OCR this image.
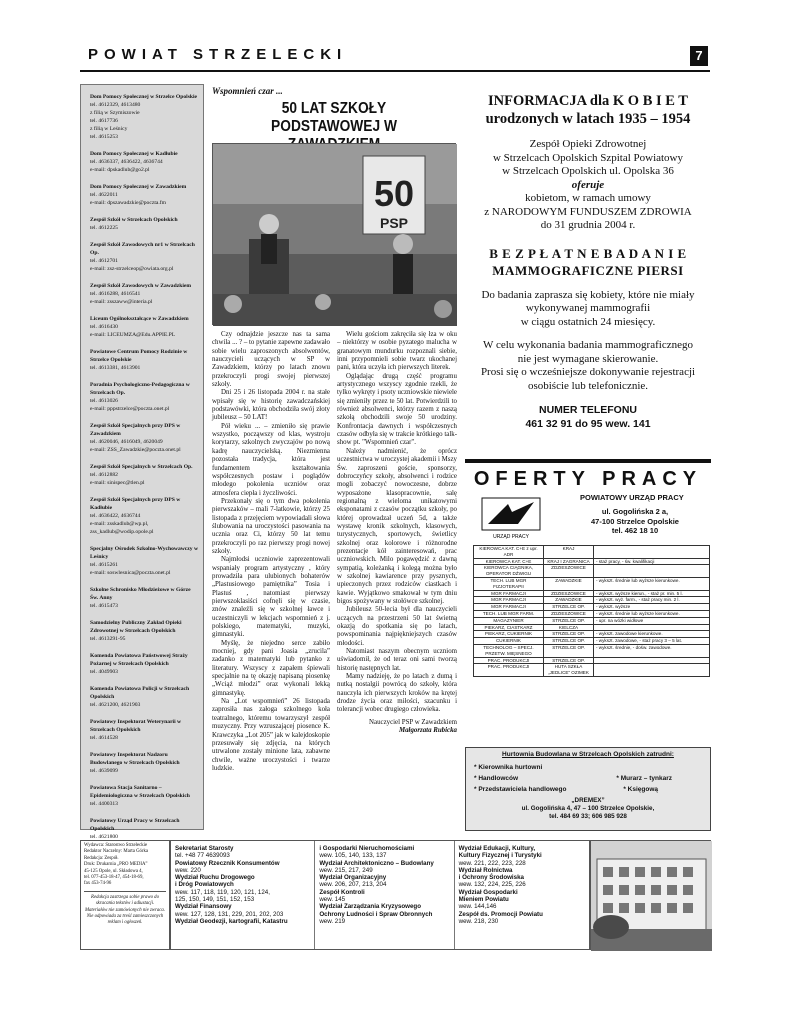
POWIAT STRZELECKI	7
Dom Pomocy Społecznej w Strzelce Opolskie
tel. 4612329, 4613480
z filią w Szymiszowie
tel. 4617736
z filią w Leśnicy
tel. 4615253
Dom Pomocy Społecznej w Kadłubie
tel. 4636337, 4636422, 4636744
e-mail: dpskadlub@go2.pl
Dom Pomocy Społecznej w Zawadzkiem
tel. 4622011
e-mail: dpszawadzkie@poczta.fm
Zespół Szkół w Strzelcach Opolskich
tel. 4612225
Zespół Szkół Zawodowych nr1 w Strzelcach Op.
tel. 4612701
e-mail: zsz-strzelceop@owiata.org.pl
Zespół Szkół Zawodowych w Zawadzkiem
tel. 4616288, 4616541
e-mail: zsszaww@interia.pl
Liceum Ogólnokształcące w Zawadzkiem
tel. 4616430
e-mail: LICEUMZA@Edu.APPIE.PL
Powiatowe Centrum Pomocy Rodzinie w Strzelce Opolskie
tel. 4613381, 4613901
Poradnia Psychologiczno-Pedagogiczna w Strzelcach Op.
tel. 4613026
e-mail: pppstrzelce@poczta.onet.pl
Zespół Szkół Specjalnych przy DPS w Zawadzkiem
tel. 4620046, 4616049, 4620049
e-mail: ZSS_Zawadzkie@poczta.onet.pl
Zespół Szkół Specjalnych w Strzelcach Op.
tel. 4612882
e-mail: sinispec@tlen.pl
Zespół Szkół Specjalnych przy DPS w Kadłubie
tel. 4636422, 4636744
e-mail: zsskadlub@wp.pl,
zss_kadlub@wodip.opole.pl
Specjalny Ośrodek Szkolno-Wychowawczy w Leśnicy
tel. 4615261
e-mail: soswlesnica@poczta.onet.pl
Szkolne Schronisko Młodzieżowe w Górze Św. Anny
tel. 4615473
Samodzielny Publiczny Zakład Opieki Zdrowotnej w Strzelcach Opolskich
tel. 4613291-95
Komenda Powiatowa Państwowej Straży Pożarnej w Strzelcach Opolskich
tel. 4049903
Komenda Powiatowa Policji w Strzelcach Opolskich
tel. 4621200, 4621903
Powiatowy Inspektorat Weterynarii w Strzelcach Opolskich
tel. 4614528
Powiatowy Inspektorat Nadzoru Budowlanego w Strzelcach Opolskich
tel. 4639099
Powiatowa Stacja Sanitarno – Epidemiologiczna w Strzelcach Opolskich
tel. 4400313
Powiatowy Urząd Pracy w Strzelcach Opolskich
tel. 4621800
Wspomnień czar ...
50 LAT SZKOŁY PODSTAWOWEJ W
50
PSP

Czy odnajdzie jeszcze nas ta sama chwila ... ? – to pytanie zapewne zadawało sobie wielu zaproszonych absolwentów, nauczycieli uczących w SP w Zawadzkiem, którzy po latach znowu przekroczyli progi swojej pierwszej szkoły.

Dni 25 i 26 listopada 2004 r. na stałe wpisały się w historię zawadczańskiej podstawówki, która obchodziła swój złoty jubileusz – 50 LAT!

Pół wieku ... – zmieniło się prawie wszystko, począwszy od klas, wystroju korytarzy, szkolnych zwyczajów po nową kadrę nauczycielską. Niezmienna pozostała tradycja, która jest fundamentem kształtowania współczesnych postaw i poglądów młodego pokolenia uczniów oraz atmosfera ciepła i życzliwości.

Przekonały się o tym dwa pokolenia pierwszaków – mali 7-latkowie, którzy 25 listopada z przejęciem wypowiadali słowa ślubowania na uroczystości pasowania na ucznia oraz Ci, którzy 50 lat temu przekroczyli po raz pierwszy progi nowej szkoły.

Najmłodsi uczniowie zaprezentowali wspaniały program artystyczny , który prowadziła para ulubionych bohaterów „Plastusiowego pamiętnika” Tosia i Plastuś , natomiast pierwszy pierwszoklasiści cofnęli się w czasie, znów znaleźli się w szkolnej ławce i uczestniczyli w lekcjach wspomnień z j. polskiego, matematyki, muzyki, gimnastyki.

Myślę, że niejedno serce zabiło mocniej, gdy pani Joasia „zrucila” zadanko z matematyki lub pytanko z literatury. Wszyscy z zapałem śpiewali specjalnie na tę okazję napisaną piosenkę „Wciąż młodzi” oraz wykonali lekką gimnastykę.

Na „Lot wspomnień” 26 listopada zaprosiła nas załoga szkolnego koła teatralnego, któremu towarzyszył zespół muzyczny. Przy wzruszającej piosence K. Krawczyka „Lot 205” jak w kalejdoskopie przesuwały się zdjęcia, na których utrwalone zostały minione lata, zabawne chwile, ważne uroczystości i twarze ludzkie.

Wielu gościom zakręciła się łza w oku – niektórzy w osobie pyzatego malucha w granatowym mundurku rozpoznali siebie, inni przypomnieli sobie twarz ukochanej pani, która uczyła ich pierwszych literek.

Oglądając drugą część programu artystycznego wszyscy zgodnie rzekli, że tylko wykręty i psoty uczniowskie niewiele się zmieniły przez te 50 lat. Potwierdzili to również absolwenci, którzy razem z naszą szkołą obchodzili swoje 50 urodziny. Konfrontacja dawnych i współczesnych czasów odbyła się w trakcie krótkiego talk-show pt. "Wspomnień czar".

Należy nadmienić, że oprócz uczestnictwa w uroczystej akademii i Mszy Św. zaproszeni goście, sponsorzy, dobroczyńcy szkoły, absolwenci i rodzice mogli zobaczyć nowoczesne, dobrze wyposażone klasopracownie, salę regionalną z wieloma unikatowymi eksponatami z czasów początku szkoły, po której oprowadzał uczeń 5d, a także wystawę kronik szkolnych, klasowych, turystycznych, sportowych, świetlicy szkolnej oraz kolorowe i różnorodne prezentacje kół zainteresowań, prac uczniowskich. Milo pogawędzić z dawną sympatią, koleżanką i kolegą można było w szkolnej kawiarence przy pysznych, upieczonych przez rodziców ciastkach i kawie. Wyjątkowo smakował w tym dniu bigos spożywany w stołówce szkolnej.

Jubileusz 50-lecia był dla nauczycieli uczących na przestrzeni 50 lat świetną okazją do spotkania się po latach, powspominania najpiękniejszych czasów młodości.

Natomiast naszym obecnym uczniom uświadomił, że od teraz oni sami tworzą historię następnych lat.

Mamy nadzieję, że po latach z dumą i nutką nostalgii powrócą do szkoły, która nauczyła ich pierwszych kroków na krętej drodze życia oraz miłości, szacunku i tolerancji wobec drugiego człowieka.

Nauczyciel PSP w Zawadzkiem
Małgorzata Rubicka
INFORMACJA dla K O B I E T
urodzonych w latach 1935 – 1954
Zespół Opieki Zdrowotnej
w Strzelcach Opolskich Szpital Powiatowy
w Strzelcach Opolskich ul. Opolska 36
oferuje
kobietom, w ramach umowy
z NARODOWYM FUNDUSZEM ZDROWIA
do 31 grudnia 2004 r.
B E Z P Ł A T N E B A D A N I E
MAMMOGRAFICZNE PIERSI
Do badania zaprasza się kobiety, które nie miały
wykonywanej mammografii
w ciągu ostatnich 24 miesięcy.
W celu wykonania badania mammograficznego
nie jest wymagane skierowanie.
Prosi się o wcześniejsze dokonywanie rejestracji
osobiście lub telefonicznie.
NUMER TELEFONU
461 32 91 do 95 wew. 141
OFERTY PRACY
POWIATOWY URZĄD PRACY
URZĄD PRACY
ul. Gogolińska 2 a,
47-100 Strzelce Opolskie
tel. 462 18 10
KIEROWCA KAT. C+E z upr. ADR	KRAJ	
KIEROWCA KAT. C+E	KRAJ I ZAGRANICA	- staż pracy, - św. kwalifikacji
KIEROWCA CIĄGNIKA, OPERATOR DŹWIGU	ZDZIESZOWICE	
TECH. LUB MGR FIZJOTERAPII	ZAWADZKIE	- wykszt. średnie lub wyższe kierunkowe.
MGR FARMACJI	ZDZIESZOWICE	- wykszt. wyższe kierun., - staż pr. min. 5 l.
MGR FARMACJI	ZAWADZKIE	- wykszt. wyż. farm., - staż pracy min. 2 l.
MGR FARMACJI	STRZELCE OP.	- wykszt. wyższe
TECH. LUB MGR FARM.	ZDZIESZOWICE	- wykszt. średnie lub wyższe kierunkowe.
MAGAZYNIER	STRZELCE OP.	- upr. na wózki widłowe
PIEKARZ, CIASTKARZ	KIELCZA	
PIEKARZ, CUKIERNIK	STRZELCE OP.	- wykszt. zawodowe kierunkowe.
CUKIERNIK	STRZELCE OP.	- wykszt. zawodowe, - staż pracy 3 – 5 lat.
TECHNOLOG – SPECJ. PRZETW. MIĘSNEGO	STRZELCE OP.	- wykszt. średnie, - dośw. zawodowe.
PRAC. PRODUKCJI	STRZELCE OP.	
PRAC. PRODUKCJI	HUTA SZKŁA „JEDLICE” OZIMEK	
Hurtownia Budowlana w Strzelcach Opolskich zatrudni:
* Kierownika hurtowni
* Handlowców	* Murarz – tynkarz
* Przedstawiciela handlowego	* Księgową
„DREMEX”
ul. Gogolińska 4, 47 – 100 Strzelce Opolskie,
tel. 484 69 33; 606 985 928
Wydawca: Starostwo Strzeleckie
Redaktor Naczelny: Marta Górka
Redakcja: Zespół.
Druk: Drukarnia „PRO MEDIA”
45-125 Opole, ul. Składowa 4,
tel. 077-453-18-47, 454-18-69,
fax 453-74-96
Redakcja zastrzega sobie prawo do skracania tekstów i adiustacji.
Materiałów nie zamówionych nie zwraca.
Nie odpowiada za treść zamieszczonych reklam i ogłoszeń.
Sekretariat Starosty
tel. +48 77 4639093
Powiatowy Rzecznik Konsumentów
wew. 220
Wydział Ruchu Drogowego
i Dróg Powiatowych
wew. 117, 118, 119, 120, 121, 124,
125, 150, 149, 151, 152, 153
Wydział Finansowy
wew. 127, 128, 131, 229, 201, 202, 203
Wydział Geodezji, kartografii, Katastru
i Gospodarki Nieruchomościami
wew. 105, 140, 133, 137
Wydział Architektoniczno – Budowlany
wew. 215, 217, 249
Wydział Organizacyjny
wew. 206, 207, 213, 204
Zespół Kontroli
wew. 145
Wydział Zarządzania Kryzysowego
Ochrony Ludności i Spraw Obronnych
wew. 219
Wydział Edukacji, Kultury,
Kultury Fizycznej i Turystyki
wew. 221, 222, 223, 228
Wydział Rolnictwa
i Ochrony Środowiska
wew. 132, 224, 225, 226
Wydział Gospodarki
Mieniem Powiatu
wew. 144,146
Zespół ds. Promocji Powiatu
wew. 218, 230
